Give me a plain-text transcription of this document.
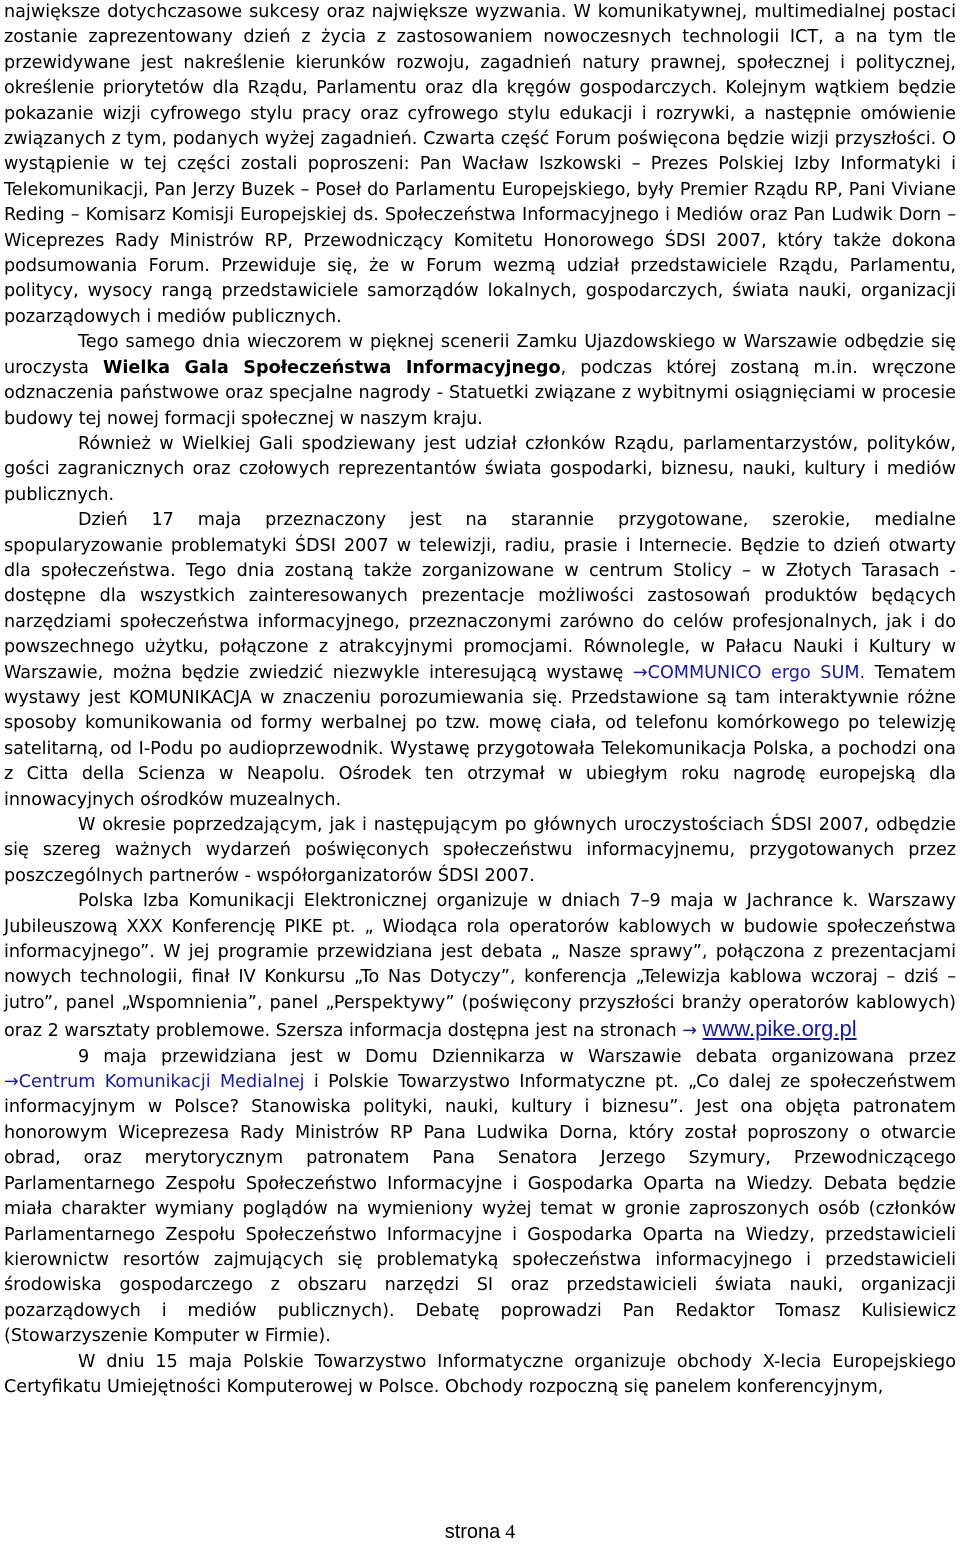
największe dotychczasowe sukcesy oraz największe wyzwania. W komunikatywnej, multimedialnej postaci zostanie zaprezentowany dzień z życia z zastosowaniem nowoczesnych technologii ICT, a na tym tle przewidywane jest nakreślenie kierunków rozwoju, zagadnień natury prawnej, społecznej i politycznej, określenie priorytetów dla Rządu, Parlamentu oraz dla kręgów gospodarczych. Kolejnym wątkiem będzie pokazanie wizji cyfrowego stylu pracy oraz cyfrowego stylu edukacji i rozrywki, a następnie omówienie związanych z tym, podanych wyżej zagadnień. Czwarta część Forum poświęcona będzie wizji przyszłości. O wystąpienie w tej części zostali poproszeni: Pan Wacław Iszkowski – Prezes Polskiej Izby Informatyki i Telekomunikacji, Pan Jerzy Buzek – Poseł do Parlamentu Europejskiego, były Premier Rządu RP, Pani Viviane Reding – Komisarz Komisji Europejskiej ds. Społeczeństwa Informacyjnego i Mediów oraz Pan Ludwik Dorn – Wiceprezes Rady Ministrów RP, Przewodniczący Komitetu Honorowego ŚDSI 2007, który także dokona podsumowania Forum. Przewiduje się, że w Forum wezmą udział przedstawiciele Rządu, Parlamentu, politycy, wysocy rangą przedstawiciele samorządów lokalnych, gospodarczych, świata nauki, organizacji pozarządowych i mediów publicznych.

Tego samego dnia wieczorem w pięknej scenerii Zamku Ujazdowskiego w Warszawie odbędzie się uroczysta Wielka Gala Społeczeństwa Informacyjnego, podczas której zostaną m.in. wręczone odznaczenia państwowe oraz specjalne nagrody - Statuetki związane z wybitnymi osiągnięciami w procesie budowy tej nowej formacji społecznej w naszym kraju.

Również w Wielkiej Gali spodziewany jest udział członków Rządu, parlamentarzystów, polityków, gości zagranicznych oraz czołowych reprezentantów świata gospodarki, biznesu, nauki, kultury i mediów publicznych.

Dzień 17 maja przeznaczony jest na starannie przygotowane, szerokie, medialne spopularyzowanie problematyki ŚDSI 2007 w telewizji, radiu, prasie i Internecie. Będzie to dzień otwarty dla społeczeństwa. Tego dnia zostaną także zorganizowane w centrum Stolicy – w Złotych Tarasach - dostępne dla wszystkich zainteresowanych prezentacje możliwości zastosowań produktów będących narzędziami społeczeństwa informacyjnego, przeznaczonymi zarówno do celów profesjonalnych, jak i do powszechnego użytku, połączone z atrakcyjnymi promocjami. Równolegle, w Pałacu Nauki i Kultury w Warszawie, można będzie zwiedzić niezwykle interesującą wystawę →COMMUNICO ergo SUM. Tematem wystawy jest KOMUNIKACJA w znaczeniu porozumiewania się. Przedstawione są tam interaktywnie różne sposoby komunikowania od formy werbalnej po tzw. mowę ciała, od telefonu komórkowego po telewizję satelitarną, od I-Podu po audioprzewodnik. Wystawę przygotowała Telekomunikacja Polska, a pochodzi ona z Citta della Scienza w Neapolu. Ośrodek ten otrzymał w ubiegłym roku nagrodę europejską dla innowacyjnych ośrodków muzealnych.

W okresie poprzedzającym, jak i następującym po głównych uroczystościach ŚDSI 2007, odbędzie się szereg ważnych wydarzeń poświęconych społeczeństwu informacyjnemu, przygotowanych przez poszczególnych partnerów - współorganizatorów ŚDSI 2007.

Polska Izba Komunikacji Elektronicznej organizuje w dniach 7–9 maja w Jachrance k. Warszawy Jubileuszową XXX Konferencję PIKE pt. „ Wiodąca rola operatorów kablowych w budowie społeczeństwa informacyjnego”. W jej programie przewidziana jest debata „ Nasze sprawy”, połączona z prezentacjami nowych technologii, finał IV Konkursu „To Nas Dotyczy”, konferencja „Telewizja kablowa wczoraj – dziś – jutro”, panel „Wspomnienia”, panel „Perspektywy” (poświęcony przyszłości branży operatorów kablowych) oraz 2 warsztaty problemowe. Szersza informacja dostępna jest na stronach → www.pike.org.pl

9 maja przewidziana jest w Domu Dziennikarza w Warszawie debata organizowana przez →Centrum Komunikacji Medialnej i Polskie Towarzystwo Informatyczne pt. „Co dalej ze społeczeństwem informacyjnym w Polsce? Stanowiska polityki, nauki, kultury i biznesu”. Jest ona objęta patronatem honorowym Wiceprezesa Rady Ministrów RP Pana Ludwika Dorna, który został poproszony o otwarcie obrad, oraz merytorycznym patronatem Pana Senatora Jerzego Szymury, Przewodniczącego Parlamentarnego Zespołu Społeczeństwo Informacyjne i Gospodarka Oparta na Wiedzy. Debata będzie miała charakter wymiany poglądów na wymieniony wyżej temat w gronie zaproszonych osób (członków Parlamentarnego Zespołu Społeczeństwo Informacyjne i Gospodarka Oparta na Wiedzy, przedstawicieli kierownictw resortów zajmujących się problematyką społeczeństwa informacyjnego i przedstawicieli środowiska gospodarczego z obszaru narzędzi SI oraz przedstawicieli świata nauki, organizacji pozarządowych i mediów publicznych). Debatę poprowadzi Pan Redaktor Tomasz Kulisiewicz (Stowarzyszenie Komputer w Firmie).

W dniu 15 maja Polskie Towarzystwo Informatyczne organizuje obchody X-lecia Europejskiego Certyfikatu Umiejętności Komputerowej w Polsce. Obchody rozpoczną się panelem konferencyjnym,

strona 4
